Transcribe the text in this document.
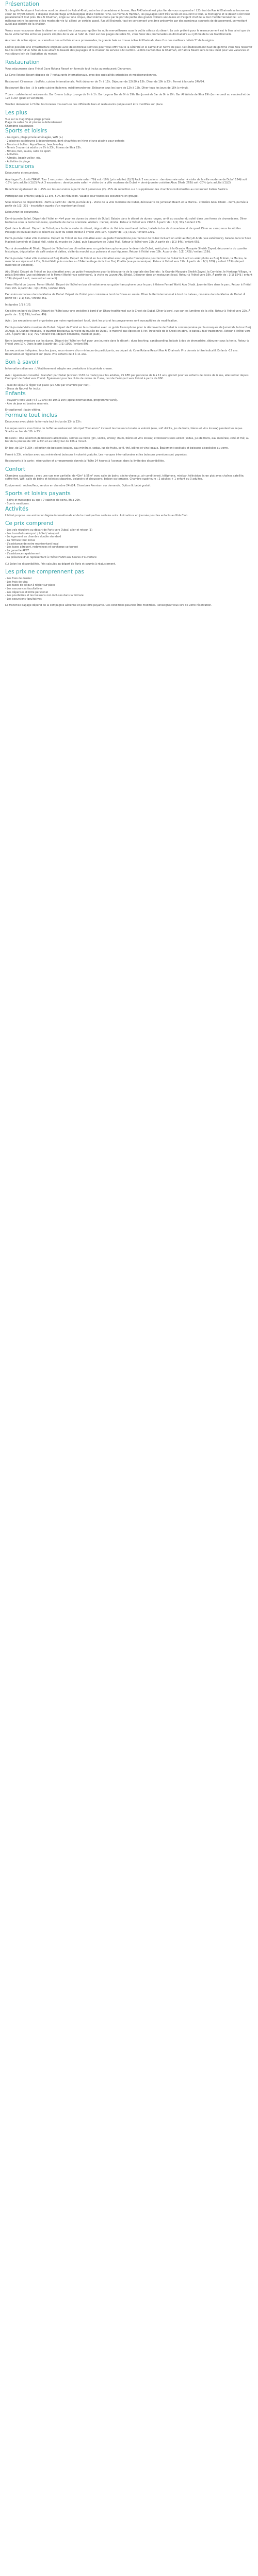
Présentation

Sur le golfe Persique à l'extrême nord de désert de Rub al-Khali, entre les dromadaires et la mer, Ras Al-Khaimah est plus fier de vous surprendre ! L'Emirat de Ras Al Khaimah se trouve au cœur de l'Hyatt-Orient, il dispose d'un héritage archéologique d'une histoire riche, lui-mème Al Hamrah, les paysages sont très variés et assurent le tout, la montagne et le désert s'écrivent parallèlement tout près. Ras Al Khaimah, érigé sur une crique, était même connu par le port de pèche des grands voiliers séculaires et d'argent chef de la mer méditerrannéenne : un mélange entre les genres et les modes de vie lui allient un certain passé. Ras Al Khaimah, tout en conservant une âme préservée par des nombreux courants de délassement, permettant aussi aux plaisirs de la chaleur.

Venez vous ressourcer dans le désert en suivant les dunes pour goûter les nuits merveilleuses sous la voûte céleste du désert. Le coin préféré pour le ressourcement est le lieu, ainsi que de toute votre famille entre les plaisirs simples de la vie. A l'abri du vent sur des plages de sable fin, vous ferez des promenades en dromadaire au rythme de la vie traditionnelle.

Au cœur de notre séjour, au carrefour des activités et aux promenades, la grande baie se trouve à Ras Al Khaimah, dans l'un des meilleurs hôtels 5* de la région.

L'hôtel possède une infrastructure originale avec de nombreux services pour vous offrir toute la sérénité et le calme d'un havre de paix. Cet établissement haut de gamme vous fera ressentir tout le confort d'un hôtel de luxe alliant la beauté des paysages et la chaleur du service Ritz-Carlton. Le Ritz-Carlton Ras Al Khaimah, Al Hamra Beach sera le lieu idéal pour vos vacances et vos séjours loin de l'agitation du monde.

Restauration

Vous séjournerez dans l'hôtel Cove Rotana Resort en formule tout inclus au restaurant Cinnamon.

La Cove Rotana Resort dispose de 7 restaurants internationaux, avec des spécialités orientales et méditerranéennes.

Restaurant Cinnamon : buffets, cuisine internationale. Petit déjeuner de 7h à 11h. Déjeuner de 12h30 à 15h. Dîner de 19h à 23h. Fermé à la carte 24h/24.

Restaurant Basilico : à la carte cuisine italienne, méditerranéenne. Déjeuner tous les jours de 12h à 15h. Dîner tous les jours de 18h à minuit.

7 bars : cafeterias et restaurants. Bar Dream Lobby Lounge de 9h à 1h. Bar Laguna Bar de 9h à 19h. Bar Jumeirah Bar de 9h à 19h. Bar Al Wahda de 9h à 19h (le mercredi au vendredi et de 12h à 21h (jeudi et vendredi).

Veuillez demander à l'hôtel les horaires d'ouverture des différents bars et restaurants qui peuvent être modifiés sur place.

Les plus
Vue sur la magnifique plage privée
Plage de sable fin et piscine à débordement
Chambres spacieuses
Sports et loisirs
- Loungers, plage privée aménagée, WiFi (+)
- 2 piscines extérieures à débordement, dont chauffées en hiver et une piscine pour enfants
- Bassins à bulles : Aquafitness, beach-volley
- Tennis 3 ouvert à adulte de 7h à 23h, fitness de 9h à 23h.
- Fitness club, sauna, salle de sport.
- Activités.
- Aérobic, beach-volley, etc.
- Activités de plage
Excursions

Découverte et excursions.

Avantages Exclusifs FRAM*. Tour 1 excursion : demi-journée safari 79$ soit -10% (prix adulte) (1)(2) Pack 2 excursions : demi-journée safari + visite de la ville moderne de Dubaï 124$ soit -15% (prix adulte) (1)(2) Pack 3 excursions : demi-journée safari + visite de la ville moderne de Dubaï + demi-journée croisière Abou Dhabi 265$ soit -20% (prix adulte) (1)(2)

Bénéficiez également de : -25% sur les excursions à partir de 2 personnes (2) -15% de réduction sur 1 supplément des chambres individuelles au restaurant italien Basilico.

Participez aux enfants jusqu'à 11 ans, 50% de réduction. Valable pour toutes les excursions en groupe.

Sous réserve de disponibilité. -Tarifs à partir de : demi-journée 47$ - Visite de la ville moderne de Dubaï, découverte de Jumeirah Beach et la Marina - croisière Abou Dhabi - demi-journée à partir de 1(1) 37$ - inscription auprès d'un représentant local.

Découvrez les excursions.

Demi-journée Safari. Départ de l'hôtel en 4x4 pour les dunes du désert de Dubaï. Balade dans le désert de dunes rouges, arrêt au coucher du soleil dans une ferme de dromadaires. Dîner barbecue sous la tente bédouine, spectacle de danse orientale. Ateliers : henné, shisha. Retour à l'hôtel vers 21h30. À partir de : 1(1) 37$ / enfant 27$.

Quel dans le désert. Départ de l'hôtel pour la découverte du désert, dégustation du thé à la menthe et dattes, balade à dos de dromadaire et de quad. Diner au camp sous les étoiles. Passage en bivouac dans le désert au lever du soleil. Retour à l'hôtel vers 10h. A partir de: 1(1) 319$ / enfant 229$.

Demi-journée Dubaï ville moderne. Départ de l'hôtel en bus climatisé avec un guide francophone pour le tour de Dubaï incluant un arrêt au Burj Al Arab (vue extérieure), balade dans le Souk Madinat Jumeirah et Dubai Mall, visite du musée de Dubaï, puis l'aquarium de Dubaï Mall. Retour à l'hôtel vers 19h. A partir de : 1(1) 84$ / enfant 65$.

Tour à dromadaire Al Dhaid. Départ de l'hôtel en bus climatisé avec un guide francophone pour le désert de Dubaï, arrêt photo à la Grande Mosquée Sheikh Zayed, découverte du quartier historique, dégustation de café arabe et dattes, visite du marché aux poissons et aux légumes. Retour à l'hôtel vers 19h. À partir de : 1(1) 142$ / enfant 119$.

Demi-journée Dubaï ville moderne et Burj Khalifa. Départ de l'hôtel en bus climatisé avec un guide francophone pour le tour de Dubaï incluant un arrêt photo au Burj Al Arab, la Marina, le marché aux épices et à l'or, Dubaï Mall, puis montée au 124ème étage de la tour Burj Khalifa (vue panoramique). Retour à l'hôtel vers 19h. À partir de : 1(1) 189$ / enfant 159$ (départ mercredi et vendredi).

Abu Dhabi. Départ de l'hôtel en bus climatisé avec un guide francophone pour la découverte de la capitale des Émirats : la Grande Mosquée Sheikh Zayed, la Corniche, le Heritage Village, le palais Emirates (vue extérieure) et le Ferrari World (vue extérieure), la visite au Louvre Abu Dhabi. Déjeuner dans un restaurant local. Retour à l'hôtel vers 19h. À partir de : 1(1) 154$ / enfant 109$ (départ lundi, mercredi et samedi).

Ferrari World ou Louvre. Ferrari World : Départ de l'hôtel en bus climatisé avec un guide francophone pour le parc à thème Ferrari World Abu Dhabi. Journée libre dans le parc. Retour à l'hôtel vers 19h. À partir de : 1(1) 235$ / enfant 202$.

Excursion en bateau dans la Marina de Dubaï. Départ de l'hôtel pour croisière à bord du Dhow en soirée. Dîner buffet international à bord du bateau, croisière dans la Marina de Dubaï. À partir de : 1(1) 55$ / enfant 45$.

Intégrales 1/1 à 1/3.

Croisière en bord du Dhow. Départ de l'hôtel pour une croisière à bord d'un Dhow traditionnel sur la Creek de Dubaï. Dîner à bord, vue sur les lumières de la ville. Retour à l'hôtel vers 22h. À partir de : 1(1) 69$ / enfant 49$.

Avis : Les excursions sont organisées par notre représentant local, dont les prix et les programmes sont susceptibles de modification.

Demi-journée Visite musique de Dubaï. Départ de l'hôtel en bus climatisé avec un guide francophone pour la découverte de Dubaï la contemporaine par la mosquée de Jumeirah, la tour Burj Al Arab, la Grande Mosquée, le quartier Bastakiya, la visite du musée de Dubaï, le marché aux épices et à l'or. Traversée de la Creek en abra, le bateau-taxi traditionnel. Retour à l'hôtel vers 18h. À partir de : 1(1) 79$ / enfant 59$ (départ dimanche, mardi et jeudi).

Notre journée aventure sur les dunes. Départ de l'hôtel en 4x4 pour une journée dans le désert : dune bashing, sandboarding, balade à dos de dromadaire, déjeuner sous la tente. Retour à l'hôtel vers 17h. Dans le prix à partir de : 1(1) 109$ / enfant 89$.

Les excursions indiquées, tous les jours, sous réserve d'un minimum de participants, au départ du Cove Rotana Resort Ras Al Khaimah. Prix donnés à titre indicatif. Enfants -12 ans. Réservation et règlement sur place. Prix enfants de 3 à 11 ans.

Bon à savoir

Informations diverses : L'établissement adapte ses prestations à la période creuse.

Avis : également conseillé : transfert par Dubaï (environ 1h30 de route) pour les adultes, 75 AED par personne de 6 à 12 ans, gratuit pour les enfants de moins de 6 ans, aller-retour depuis l'aéroport de Dubaï vers l'hôtel. Également pour les clubs de moins de 2 ans, taxi de l'aéroport vers l'hôtel à partir de 90€.

- Taxe de séjour à régler sur place (20 AED par chambre par nuit).
- Dress de Nouvel An inclus.
Enfants
- Playaer's Kids Club (4 à 12 ans) de 10h à 19h (appui international, programme varié).
- Aire de jeux et bassins réservés.
Encaptionnel : baby-sitting.
Formule tout inclus

Découvrez avec plaisir la formule tout inclus de 13h à 23h :

Les repas servis sous forme de buffet au restaurant principal "Cinnamon" incluant les boissons locales à volonté (eau, soft drinks, jus de fruits, bières et vins locaux) pendant les repas. Snacks au bar de 12h à 23h.

Boissons : Une sélection de boissons alcoolisées, servies au verre (gin, vodka, whisky, rhum, bières et vins locaux) et boissons sans alcool (sodas, jus de fruits, eau minérale, café et thé) au bar de la piscine de 10h à 23h et au lobby bar de 10h à minuit.

En bar, de 10h à 23h : sélection de boissons locales, eau minérale, sodas, jus de fruits, café, thé, bières et vins locaux. Également cocktails et boissons alcoolisées au verre.

Fermé à 23h, minibar avec eau minérale et boissons à volonté gratuite. Les marques internationales et les boissons premium sont payantes.

Restaurants à la carte : réservation et arrangements donnés à l'hôte 24 heures à l'avance, dans la limite des disponibilités.

Confort

Chambres spacieuses : avec une vue mer partielle, de 42m² à 55m² avec salle de bains, sèche-cheveux, air conditionné, téléphone, minibar, télévision écran plat avec chaînes satellite, coffre-fort, Wifi, salle de bains et toilettes séparées, peignoirs et chaussons, balcon ou terrasse. Chambre supérieure : 2 adultes + 1 enfant ou 3 adultes.

Équipement : réchauffeur, service en chambre 24h/24. Chambres Premium sur demande. Option lit bébé gratuit.

Sports et loisirs payants
- Soins et massages au spa : 7 cabines de soins, 8h à 20h.
- Sports nautiques.
Activités

L'hôtel propose une animation légère internationale et de la musique live certains soirs. Animations en journée pour les enfants au Kids Club.

Ce prix comprend
- Les vols réguliers au départ de Paris vers Dubaï, aller et retour (1)
- Les transferts aéroport / hôtel / aéroport
- Le logement en chambre double standard
- La formule tout inclus
- L'assistance de notre représentant local
- Les taxes aéroport, redevances et surcharge carburant
- La garantie APST
- L'assistance rapatriement
- La présence d'un représentant à l'hôtel FRAM aux heures d'ouverture

(1) Selon les disponibilités. Prix calculés au départ de Paris et soumis à réajustement.

Les prix ne comprennent pas
- Les frais de dossier
- Les frais de visa
- Les taxes de séjour à régler sur place
- Les assurances facultatives
- Les dépenses d'ordre personnel
- Les pourboires et les boissons non incluses dans la formule
- Les excursions facultatives

La franchise bagage dépend de la compagnie aérienne et peut être payante. Ces conditions peuvent être modifiées. Renseignez-vous lors de votre réservation.
